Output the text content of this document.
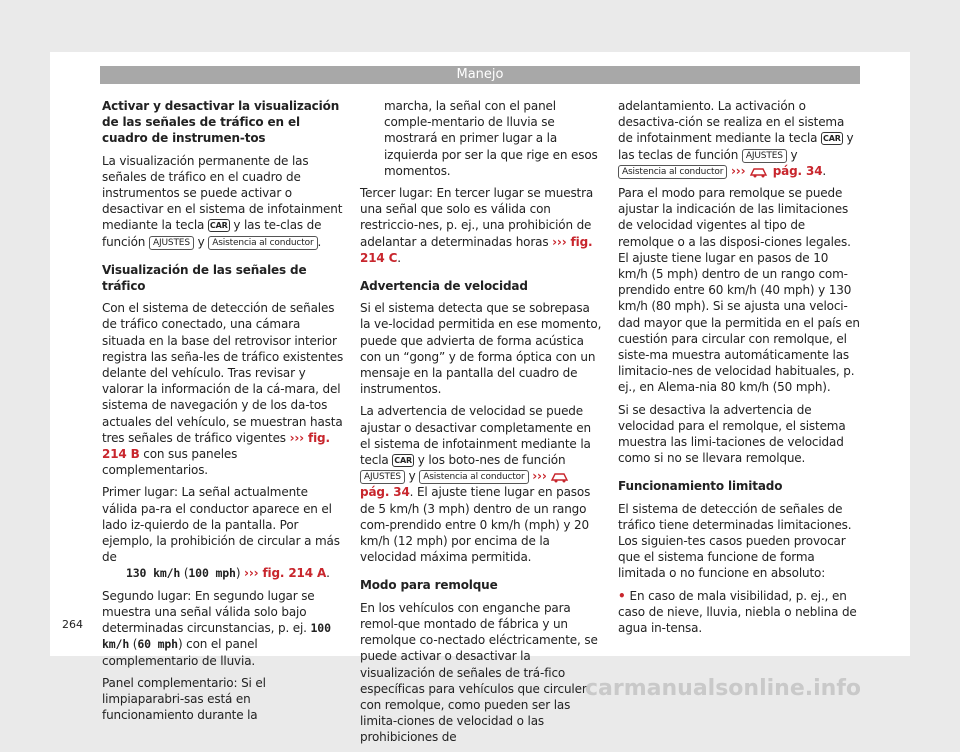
Manejo

Activar y desactivar la visualización de las señales de tráfico en el cuadro de instrumen-tos

La visualización permanente de las señales de tráfico en el cuadro de instrumentos se puede activar o desactivar en el sistema de infotainment mediante la tecla CAR y las te-clas de función AJUSTES y Asistencia al conductor .

Visualización de las señales de tráfico

Con el sistema de detección de señales de tráfico conectado, una cámara situada en la base del retrovisor interior registra las seña-les de tráfico existentes delante del vehículo. Tras revisar y valorar la información de la cá-mara, del sistema de navegación y de los da-tos actuales del vehículo, se muestran hasta tres señales de tráfico vigentes ››› fig. 214 B con sus paneles complementarios.

Primer lugar: La señal actualmente válida pa-ra el conductor aparece en el lado iz-quierdo de la pantalla. Por ejemplo, la prohibición de circular a más de
130 km/h (100 mph) ››› fig. 214 A.
Segundo lugar: En segundo lugar se muestra una señal válida solo bajo determinadas circunstancias, p. ej. 100 km/h (60 mph) con el panel complementario de lluvia.
Panel complementario: Si el limpiaparabri-sas está en funcionamiento durante la

marcha, la señal con el panel comple-mentario de lluvia se mostrará en primer lugar a la izquierda por ser la que rige en esos momentos.

Tercer lugar: En tercer lugar se muestra una señal que solo es válida con restriccio-nes, p. ej., una prohibición de adelantar a determinadas horas ››› fig. 214 C.

Advertencia de velocidad

Si el sistema detecta que se sobrepasa la ve-locidad permitida en ese momento, puede que advierta de forma acústica con un “gong” y de forma óptica con un mensaje en la pantalla del cuadro de instrumentos.

La advertencia de velocidad se puede ajustar o desactivar completamente en el sistema de infotainment mediante la tecla CAR y los boto-nes de función AJUSTES y Asistencia al conductor ›››  pág. 34. El ajuste tiene lugar en pasos de 5 km/h (3 mph) dentro de un rango com-prendido entre 0 km/h (mph) y 20 km/h (12 mph) por encima de la velocidad máxima permitida.

Modo para remolque

En los vehículos con enganche para remol-que montado de fábrica y un remolque co-nectado eléctricamente, se puede activar o desactivar la visualización de señales de trá-fico específicas para vehículos que circulen con remolque, como pueden ser las limita-ciones de velocidad o las prohibiciones de

adelantamiento. La activación o desactiva-ción se realiza en el sistema de infotainment mediante la tecla CAR y las teclas de función AJUSTES y Asistencia al conductor ››› pág. 34.

Para el modo para remolque se puede ajustar la indicación de las limitaciones de velocidad vigentes al tipo de remolque o a las disposi-ciones legales. El ajuste tiene lugar en pasos de 10 km/h (5 mph) dentro de un rango com-prendido entre 60 km/h (40 mph) y 130 km/h (80 mph). Si se ajusta una veloci-dad mayor que la permitida en el país en cuestión para circular con remolque, el siste-ma muestra automáticamente las limitacio-nes de velocidad habituales, p. ej., en Alema-nia 80 km/h (50 mph).

Si se desactiva la advertencia de velocidad para el remolque, el sistema muestra las limi-taciones de velocidad como si no se llevara remolque.

Funcionamiento limitado

El sistema de detección de señales de tráfico tiene determinadas limitaciones. Los siguien-tes casos pueden provocar que el sistema funcione de forma limitada o no funcione en absoluto:

• En caso de mala visibilidad, p. ej., en caso de nieve, lluvia, niebla o neblina de agua in-tensa.

264
carmanualsonline.info
